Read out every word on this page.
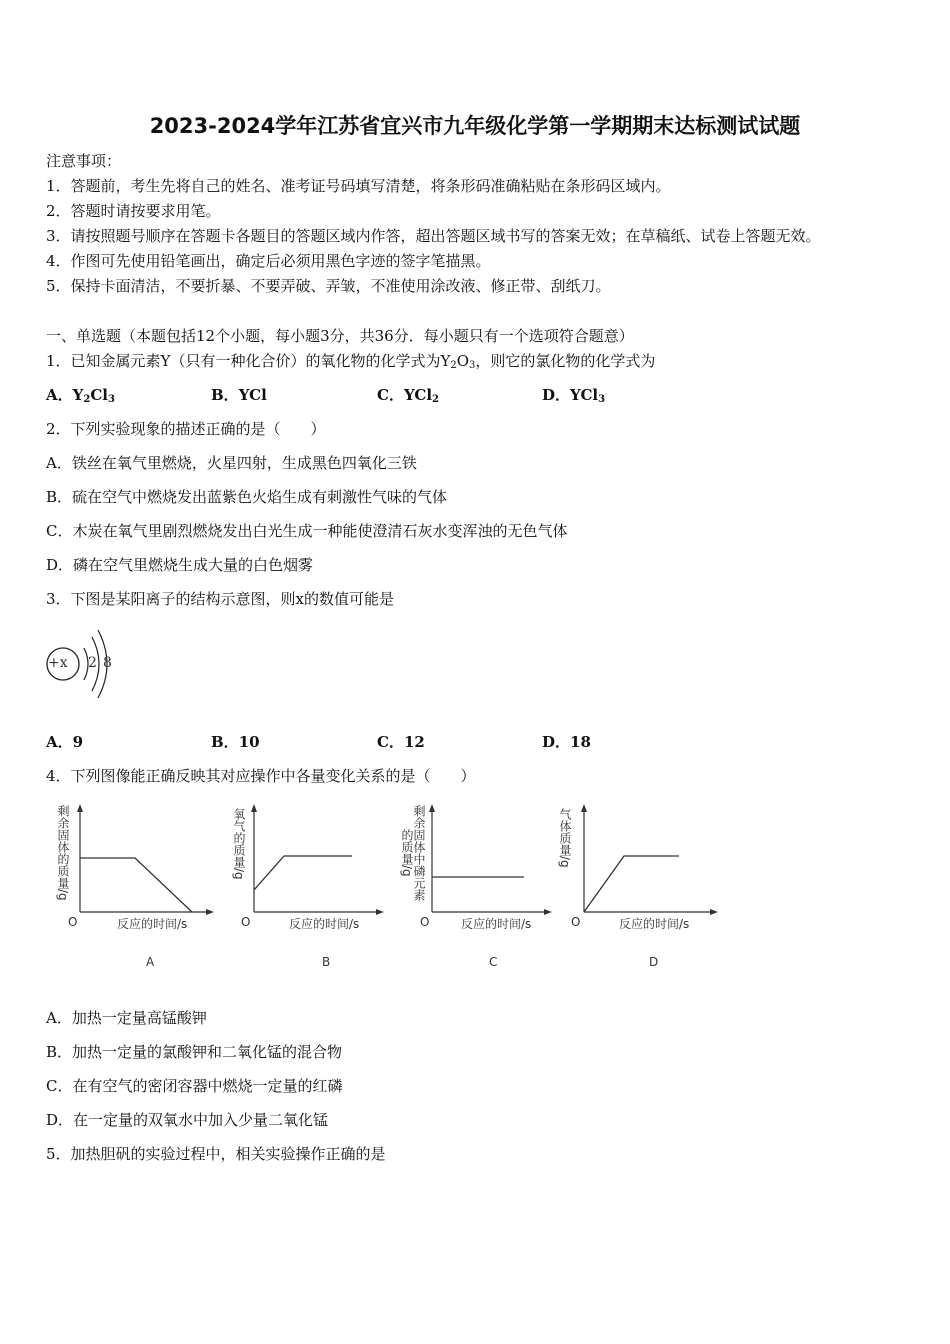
2023-2024学年江苏省宜兴市九年级化学第一学期期末达标测试试题
注意事项：
1．答题前，考生先将自己的姓名、准考证号码填写清楚，将条形码准确粘贴在条形码区域内。
2．答题时请按要求用笔。
3．请按照题号顺序在答题卡各题目的答题区域内作答，超出答题区域书写的答案无效；在草稿纸、试卷上答题无效。
4．作图可先使用铅笔画出，确定后必须用黑色字迹的签字笔描黑。
5．保持卡面清洁，不要折暴、不要弄破、弄皱，不准使用涂改液、修正带、刮纸刀。
一、单选题（本题包括12个小题，每小题3分，共36分．每小题只有一个选项符合题意）
1．已知金属元素Y（只有一种化合价）的氧化物的化学式为$Y_2O_3$，则它的氯化物的化学式为
A．$Y_2Cl_3$	B．YCl	C．YCl$_2$	D．YCl$_3$
2．下列实验现象的描述正确的是（　　）
A．铁丝在氧气里燃烧，火星四射，生成黑色四氧化三铁
B．硫在空气中燃烧发出蓝紫色火焰生成有刺激性气味的气体
C．木炭在氧气里剧烈燃烧发出白光生成一种能使澄清石灰水变浑浊的无色气体
D．磷在空气里燃烧生成大量的白色烟雾
3．下图是某阳离子的结构示意图，则x的数值可能是
+x 2 8
A．9	B．10	C．12	D．18
4．下列图像能正确反映其对应操作中各量变化关系的是（　　）
剩余固体的质量/g
O	反应的时间/s
A
氧气的质量/g
O	反应的时间/s
B
剩余固体中磷元素的质量/g
O	反应的时间/s
C
气体质量/g
O	反应的时间/s
D
A．加热一定量高锰酸钾
B．加热一定量的氯酸钾和二氧化锰的混合物
C．在有空气的密闭容器中燃烧一定量的红磷
D．在一定量的双氧水中加入少量二氧化锰
5．加热胆矾的实验过程中，相关实验操作正确的是
